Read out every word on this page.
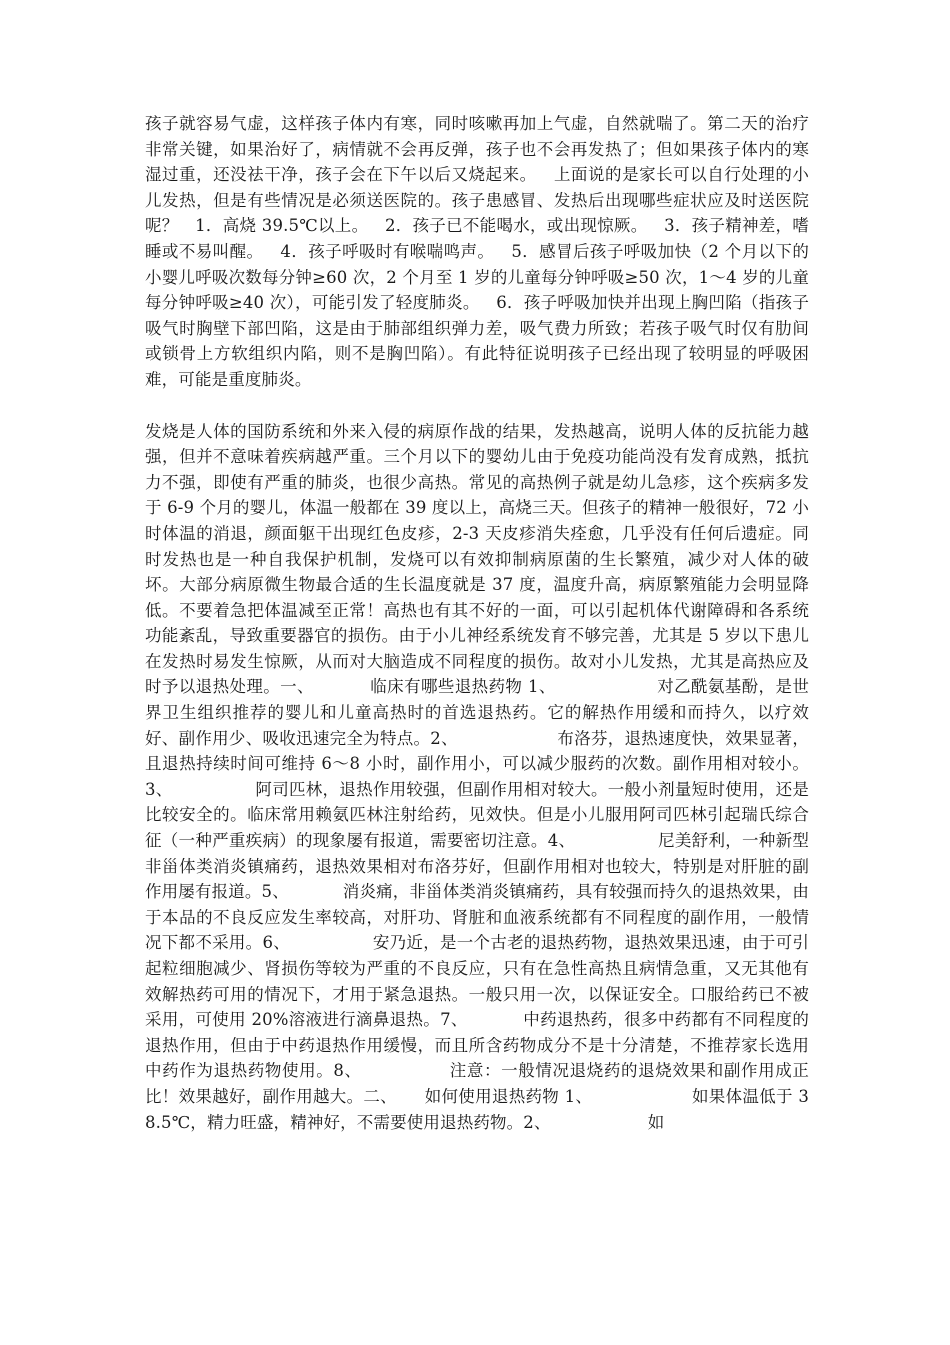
孩子就容易气虚，这样孩子体内有寒，同时咳嗽再加上气虚，自然就喘了。第二天的治疗非常关键，如果治好了，病情就不会再反弹，孩子也不会再发热了；但如果孩子体内的寒湿过重，还没祛干净，孩子会在下午以后又烧起来。   上面说的是家长可以自行处理的小儿发热，但是有些情况是必须送医院的。孩子患感冒、发热后出现哪些症状应及时送医院呢？   1．高烧 39.5℃以上。   2．孩子已不能喝水，或出现惊厥。   3．孩子精神差，嗜睡或不易叫醒。   4．孩子呼吸时有喉喘鸣声。   5．感冒后孩子呼吸加快（2 个月以下的小婴儿呼吸次数每分钟≥60 次，2 个月至 1 岁的儿童每分钟呼吸≥50 次，1～4 岁的儿童每分钟呼吸≥40 次），可能引发了轻度肺炎。   6．孩子呼吸加快并出现上胸凹陷（指孩子吸气时胸壁下部凹陷，这是由于肺部组织弹力差，吸气费力所致；若孩子吸气时仅有肋间或锁骨上方软组织内陷，则不是胸凹陷）。有此特征说明孩子已经出现了较明显的呼吸困难，可能是重度肺炎。

发烧是人体的国防系统和外来入侵的病原作战的结果，发热越高，说明人体的反抗能力越强，但并不意味着疾病越严重。三个月以下的婴幼儿由于免疫功能尚没有发育成熟，抵抗力不强，即使有严重的肺炎，也很少高热。常见的高热例子就是幼儿急疹，这个疾病多发于 6-9 个月的婴儿，体温一般都在 39 度以上，高烧三天。但孩子的精神一般很好，72 小时体温的消退，颜面躯干出现红色皮疹，2-3 天皮疹消失痊愈，几乎没有任何后遗症。同时发热也是一种自我保护机制，发烧可以有效抑制病原菌的生长繁殖，减少对人体的破坏。大部分病原微生物最合适的生长温度就是 37 度，温度升高，病原繁殖能力会明显降低。不要着急把体温减至正常！高热也有其不好的一面，可以引起机体代谢障碍和各系统功能紊乱，导致重要器官的损伤。由于小儿神经系统发育不够完善，尤其是 5 岁以下患儿在发热时易发生惊厥，从而对大脑造成不同程度的损伤。故对小儿发热，尤其是高热应及时予以退热处理。一、          临床有哪些退热药物 1、                  对乙酰氨基酚，是世界卫生组织推荐的婴儿和儿童高热时的首选退热药。它的解热作用缓和而持久，以疗效好、副作用少、吸收迅速完全为特点。2、                  布洛芬，退热速度快，效果显著，且退热持续时间可维持 6～8 小时，副作用小，可以减少服药的次数。副作用相对较小。3、               阿司匹林，退热作用较强，但副作用相对较大。一般小剂量短时使用，还是比较安全的。临床常用赖氨匹林注射给药，见效快。但是小儿服用阿司匹林引起瑞氏综合征（一种严重疾病）的现象屡有报道，需要密切注意。4、               尼美舒利，一种新型非甾体类消炎镇痛药，退热效果相对布洛芬好，但副作用相对也较大，特别是对肝脏的副作用屡有报道。5、          消炎痛，非甾体类消炎镇痛药，具有较强而持久的退热效果，由于本品的不良反应发生率较高，对肝功、肾脏和血液系统都有不同程度的副作用，一般情况下都不采用。6、               安乃近，是一个古老的退热药物，退热效果迅速，由于可引起粒细胞减少、肾损伤等较为严重的不良反应，只有在急性高热且病情急重，又无其他有效解热药可用的情况下，才用于紧急退热。一般只用一次，以保证安全。口服给药已不被采用，可使用 20%溶液进行滴鼻退热。7、          中药退热药，很多中药都有不同程度的退热作用，但由于中药退热作用缓慢，而且所含药物成分不是十分清楚，不推荐家长选用中药作为退热药物使用。8、               注意：一般情况退烧药的退烧效果和副作用成正比！效果越好，副作用越大。二、     如何使用退热药物 1、                  如果体温低于 38.5℃，精力旺盛，精神好，不需要使用退热药物。2、                  如
